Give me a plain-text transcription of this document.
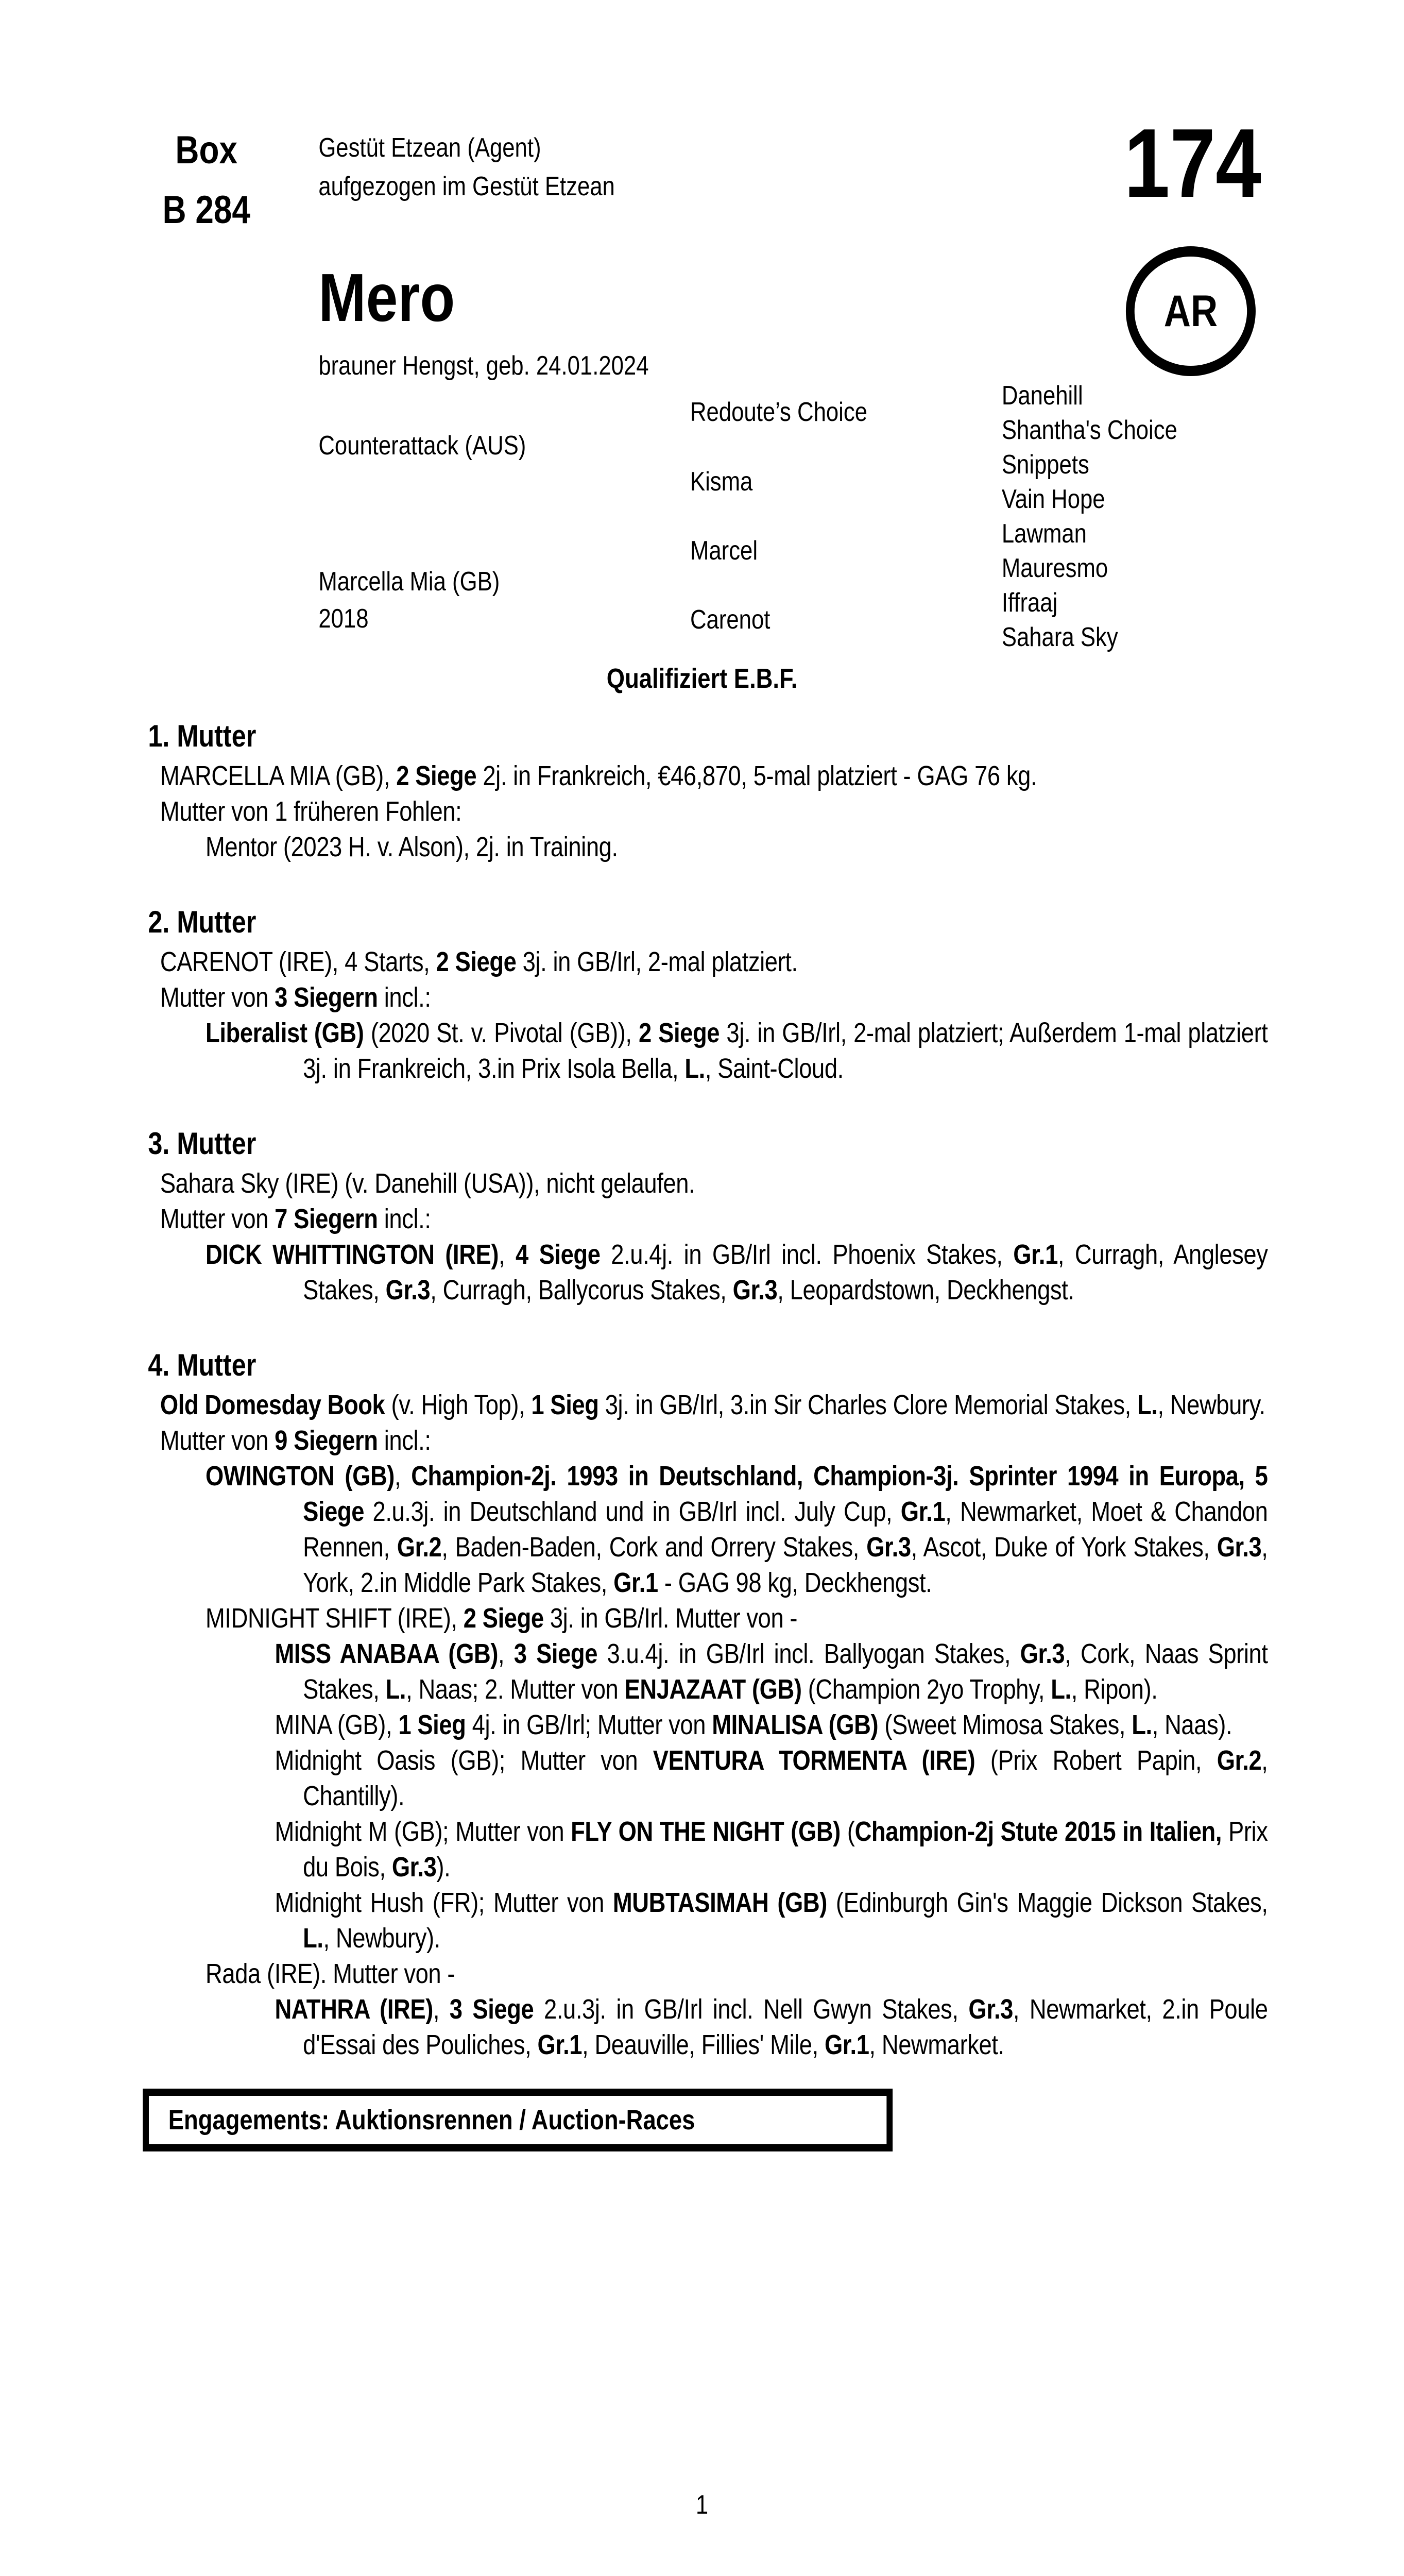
Box
B 284
Gestüt Etzean (Agent)
aufgezogen im Gestüt Etzean	174
AR
Mero
brauner Hengst, geb. 24.01.2024
Counterattack (AUS)
Marcella Mia (GB)
2018
Redoute’s Choice
Kisma
Marcel
Carenot
Danehill
Shantha's Choice
Snippets
Vain Hope
Lawman
Mauresmo
Iffraaj
Sahara Sky
Qualifiziert E.B.F.
1. Mutter

MARCELLA MIA (GB), 2 Siege 2j. in Frankreich, €46,870, 5-mal platziert - GAG 76 kg.

Mutter von 1 früheren Fohlen:

Mentor (2023 H. v. Alson), 2j. in Training.

2. Mutter

CARENOT (IRE), 4 Starts, 2 Siege 3j. in GB/Irl, 2-mal platziert.

Mutter von 3 Siegern incl.:

Liberalist (GB) (2020 St. v. Pivotal (GB)), 2 Siege 3j. in GB/Irl, 2-mal platziert; Außerdem 1-mal platziert 3j. in Frankreich, 3.in Prix Isola Bella, L., Saint-Cloud.

3. Mutter

Sahara Sky (IRE) (v. Danehill (USA)), nicht gelaufen.

Mutter von 7 Siegern incl.:

DICK WHITTINGTON (IRE), 4 Siege 2.u.4j. in GB/Irl incl. Phoenix Stakes, Gr.1, Curragh, Anglesey Stakes, Gr.3, Curragh, Ballycorus Stakes, Gr.3, Leopardstown, Deckhengst.

4. Mutter

Old Domesday Book (v. High Top), 1 Sieg 3j. in GB/Irl, 3.in Sir Charles Clore Memorial Stakes, L., Newbury.

Mutter von 9 Siegern incl.:

OWINGTON (GB), Champion-2j. 1993 in Deutschland, Champion-3j. Sprinter 1994 in Europa, 5 Siege 2.u.3j. in Deutschland und in GB/Irl incl. July Cup, Gr.1, Newmarket, Moet & Chandon Rennen, Gr.2, Baden-Baden, Cork and Orrery Stakes, Gr.3, Ascot, Duke of York Stakes, Gr.3, York, 2.in Middle Park Stakes, Gr.1 - GAG 98 kg, Deckhengst.

MIDNIGHT SHIFT (IRE), 2 Siege 3j. in GB/Irl. Mutter von -

MISS ANABAA (GB), 3 Siege 3.u.4j. in GB/Irl incl. Ballyogan Stakes, Gr.3, Cork, Naas Sprint Stakes, L., Naas; 2. Mutter von ENJAZAAT (GB) (Champion 2yo Trophy, L., Ripon).

MINA (GB), 1 Sieg 4j. in GB/Irl; Mutter von MINALISA (GB) (Sweet Mimosa Stakes, L., Naas).

Midnight Oasis (GB); Mutter von VENTURA TORMENTA (IRE) (Prix Robert Papin, Gr.2, Chantilly).

Midnight M (GB); Mutter von FLY ON THE NIGHT (GB) (Champion-2j Stute 2015 in Italien, Prix du Bois, Gr.3).

Midnight Hush (FR); Mutter von MUBTASIMAH (GB) (Edinburgh Gin's Maggie Dickson Stakes, L., Newbury).

Rada (IRE). Mutter von -

NATHRA (IRE), 3 Siege 2.u.3j. in GB/Irl incl. Nell Gwyn Stakes, Gr.3, Newmarket, 2.in Poule d'Essai des Pouliches, Gr.1, Deauville, Fillies' Mile, Gr.1, Newmarket.

Engagements: Auktionsrennen / Auction-Races
1
